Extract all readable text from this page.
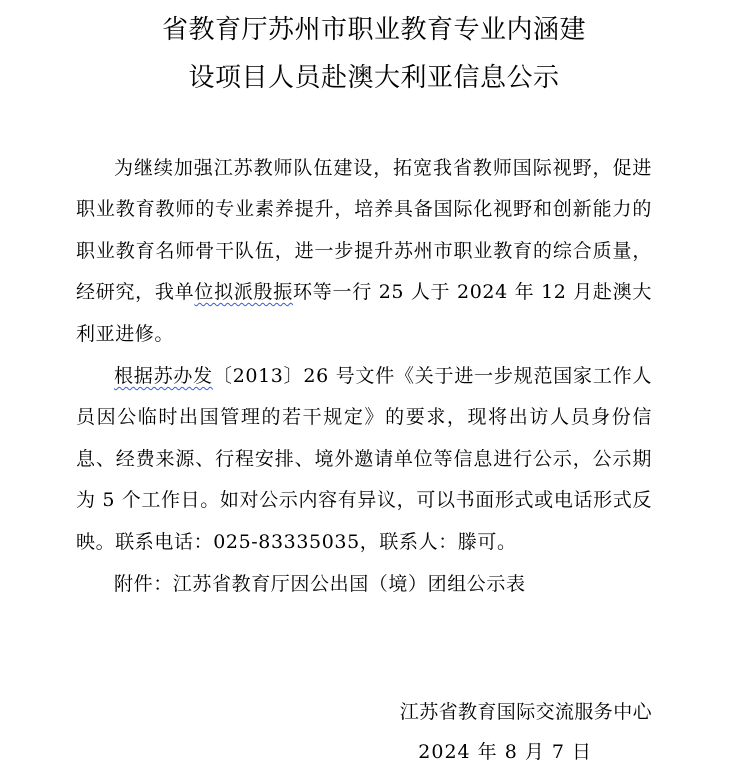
省教育厅苏州市职业教育专业内涵建
设项目人员赴澳大利亚信息公示

为继续加强江苏教师队伍建设，拓宽我省教师国际视野，促进职业教育教师的专业素养提升，培养具备国际化视野和创新能力的职业教育名师骨干队伍，进一步提升苏州市职业教育的综合质量，经研究，我单位拟派殷振环等一行 25 人于 2024 年 12 月赴澳大利亚进修。

根据苏办发〔2013〕26 号文件《关于进一步规范国家工作人员因公临时出国管理的若干规定》的要求，现将出访人员身份信息、经费来源、行程安排、境外邀请单位等信息进行公示，公示期为 5 个工作日。如对公示内容有异议，可以书面形式或电话形式反映。联系电话：025-83335035，联系人：滕可。

附件：江苏省教育厅因公出国（境）团组公示表
江苏省教育国际交流服务中心
2024 年 8 月 7 日
